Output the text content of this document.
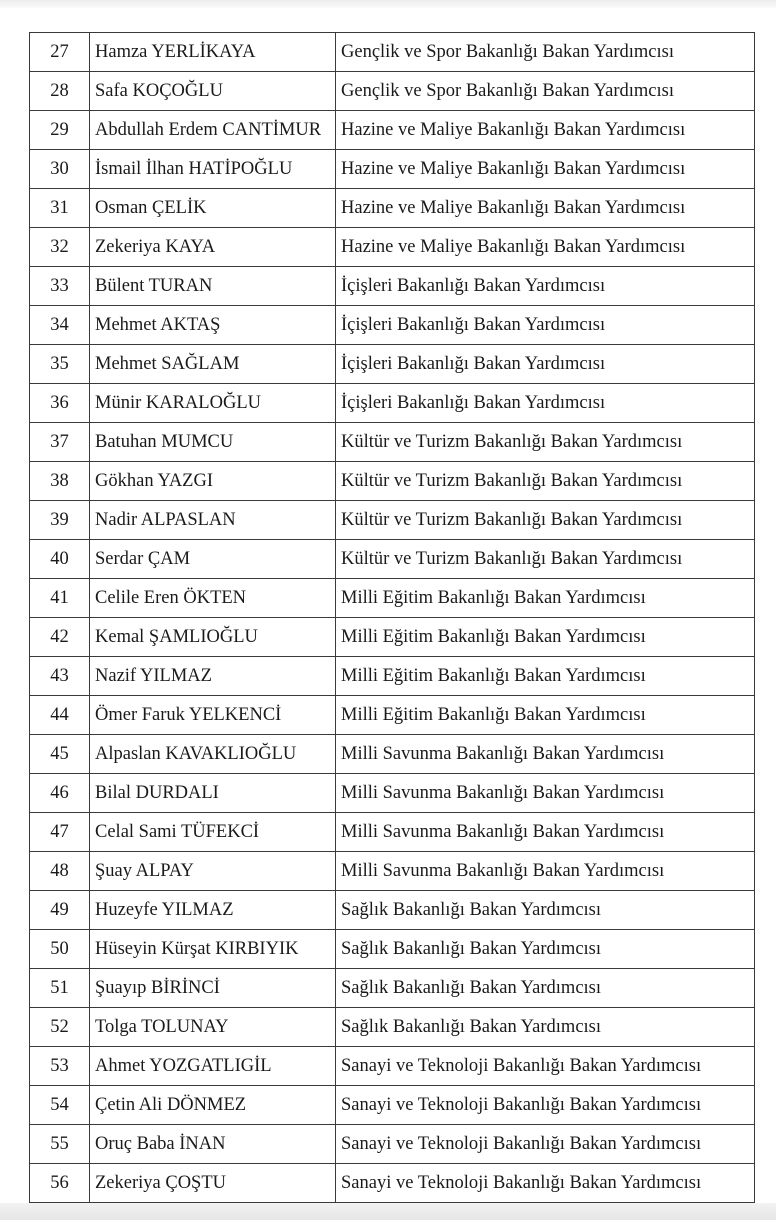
27	Hamza YERLİKAYA	Gençlik ve Spor Bakanlığı Bakan Yardımcısı
28	Safa KOÇOĞLU	Gençlik ve Spor Bakanlığı Bakan Yardımcısı
29	Abdullah Erdem CANTİMUR	Hazine ve Maliye Bakanlığı Bakan Yardımcısı
30	İsmail İlhan HATİPOĞLU	Hazine ve Maliye Bakanlığı Bakan Yardımcısı
31	Osman ÇELİK	Hazine ve Maliye Bakanlığı Bakan Yardımcısı
32	Zekeriya KAYA	Hazine ve Maliye Bakanlığı Bakan Yardımcısı
33	Bülent TURAN	İçişleri Bakanlığı Bakan Yardımcısı
34	Mehmet AKTAŞ	İçişleri Bakanlığı Bakan Yardımcısı
35	Mehmet SAĞLAM	İçişleri Bakanlığı Bakan Yardımcısı
36	Münir KARALOĞLU	İçişleri Bakanlığı Bakan Yardımcısı
37	Batuhan MUMCU	Kültür ve Turizm Bakanlığı Bakan Yardımcısı
38	Gökhan YAZGI	Kültür ve Turizm Bakanlığı Bakan Yardımcısı
39	Nadir ALPASLAN	Kültür ve Turizm Bakanlığı Bakan Yardımcısı
40	Serdar ÇAM	Kültür ve Turizm Bakanlığı Bakan Yardımcısı
41	Celile Eren ÖKTEN	Milli Eğitim Bakanlığı Bakan Yardımcısı
42	Kemal ŞAMLIOĞLU	Milli Eğitim Bakanlığı Bakan Yardımcısı
43	Nazif YILMAZ	Milli Eğitim Bakanlığı Bakan Yardımcısı
44	Ömer Faruk YELKENCİ	Milli Eğitim Bakanlığı Bakan Yardımcısı
45	Alpaslan KAVAKLIOĞLU	Milli Savunma Bakanlığı Bakan Yardımcısı
46	Bilal DURDALI	Milli Savunma Bakanlığı Bakan Yardımcısı
47	Celal Sami TÜFEKCİ	Milli Savunma Bakanlığı Bakan Yardımcısı
48	Şuay ALPAY	Milli Savunma Bakanlığı Bakan Yardımcısı
49	Huzeyfe YILMAZ	Sağlık Bakanlığı Bakan Yardımcısı
50	Hüseyin Kürşat KIRBIYIK	Sağlık Bakanlığı Bakan Yardımcısı
51	Şuayıp BİRİNCİ	Sağlık Bakanlığı Bakan Yardımcısı
52	Tolga TOLUNAY	Sağlık Bakanlığı Bakan Yardımcısı
53	Ahmet YOZGATLIGİL	Sanayi ve Teknoloji Bakanlığı Bakan Yardımcısı
54	Çetin Ali DÖNMEZ	Sanayi ve Teknoloji Bakanlığı Bakan Yardımcısı
55	Oruç Baba İNAN	Sanayi ve Teknoloji Bakanlığı Bakan Yardımcısı
56	Zekeriya ÇOŞTU	Sanayi ve Teknoloji Bakanlığı Bakan Yardımcısı
